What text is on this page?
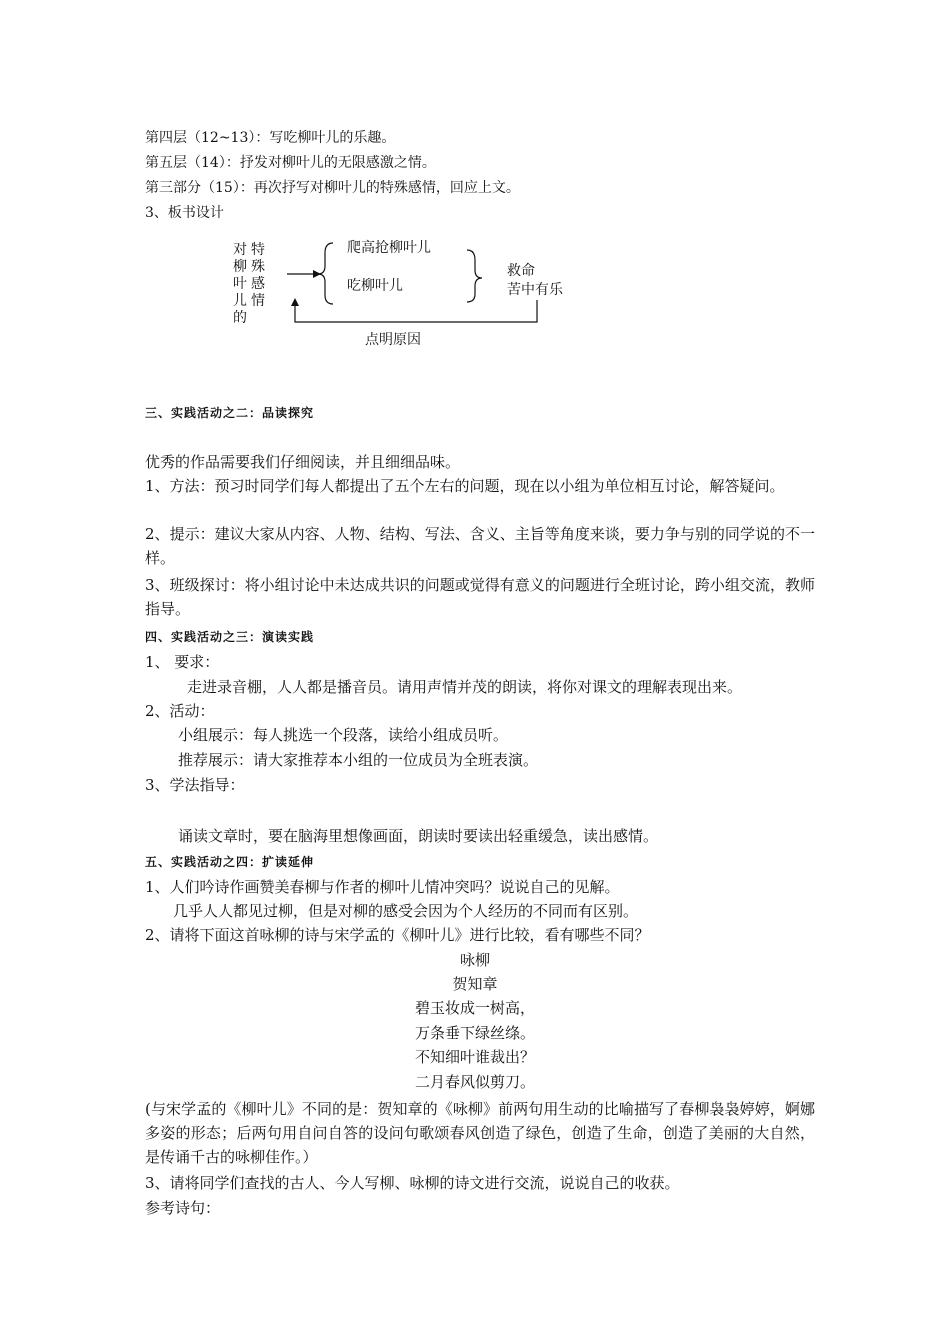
第四层（12~13）：写吃柳叶儿的乐趣。
第五层（14）：抒发对柳叶儿的无限感激之情。
第三部分（15）：再次抒写对柳叶儿的特殊感情，回应上文。
3、板书设计
对
柳
叶
儿
的
特
殊
感
情
爬高抢柳叶儿
吃柳叶儿
救命
苦中有乐
点明原因
三、实践活动之二：品读探究
优秀的作品需要我们仔细阅读，并且细细品味。
1、方法：预习时同学们每人都提出了五个左右的问题，现在以小组为单位相互讨论，解答疑问。
2、提示：建议大家从内容、人物、结构、写法、含义、主旨等角度来谈，要力争与别的同学说的不一样。
3、班级探讨：将小组讨论中未达成共识的问题或觉得有意义的问题进行全班讨论，跨小组交流，教师指导。
四、实践活动之三：演读实践
1、 要求：
走进录音棚，人人都是播音员。请用声情并茂的朗读，将你对课文的理解表现出来。
2、活动：
小组展示：每人挑选一个段落，读给小组成员听。
推荐展示：请大家推荐本小组的一位成员为全班表演。
3、学法指导：
诵读文章时，要在脑海里想像画面，朗读时要读出轻重缓急，读出感情。
五、实践活动之四：扩读延伸
1、人们吟诗作画赞美春柳与作者的柳叶儿情冲突吗？说说自己的见解。
几乎人人都见过柳，但是对柳的感受会因为个人经历的不同而有区别。
2、请将下面这首咏柳的诗与宋学孟的《柳叶儿》进行比较，看有哪些不同？
咏柳
贺知章
碧玉妆成一树高，
万条垂下绿丝绦。
不知细叶谁裁出？
二月春风似剪刀。
(与宋学孟的《柳叶儿》不同的是：贺知章的《咏柳》前两句用生动的比喻描写了春柳袅袅婷婷，婀娜多姿的形态；后两句用自问自答的设问句歌颂春风创造了绿色，创造了生命，创造了美丽的大自然，是传诵千古的咏柳佳作。）
3、请将同学们查找的古人、今人写柳、咏柳的诗文进行交流，说说自己的收获。
参考诗句：
